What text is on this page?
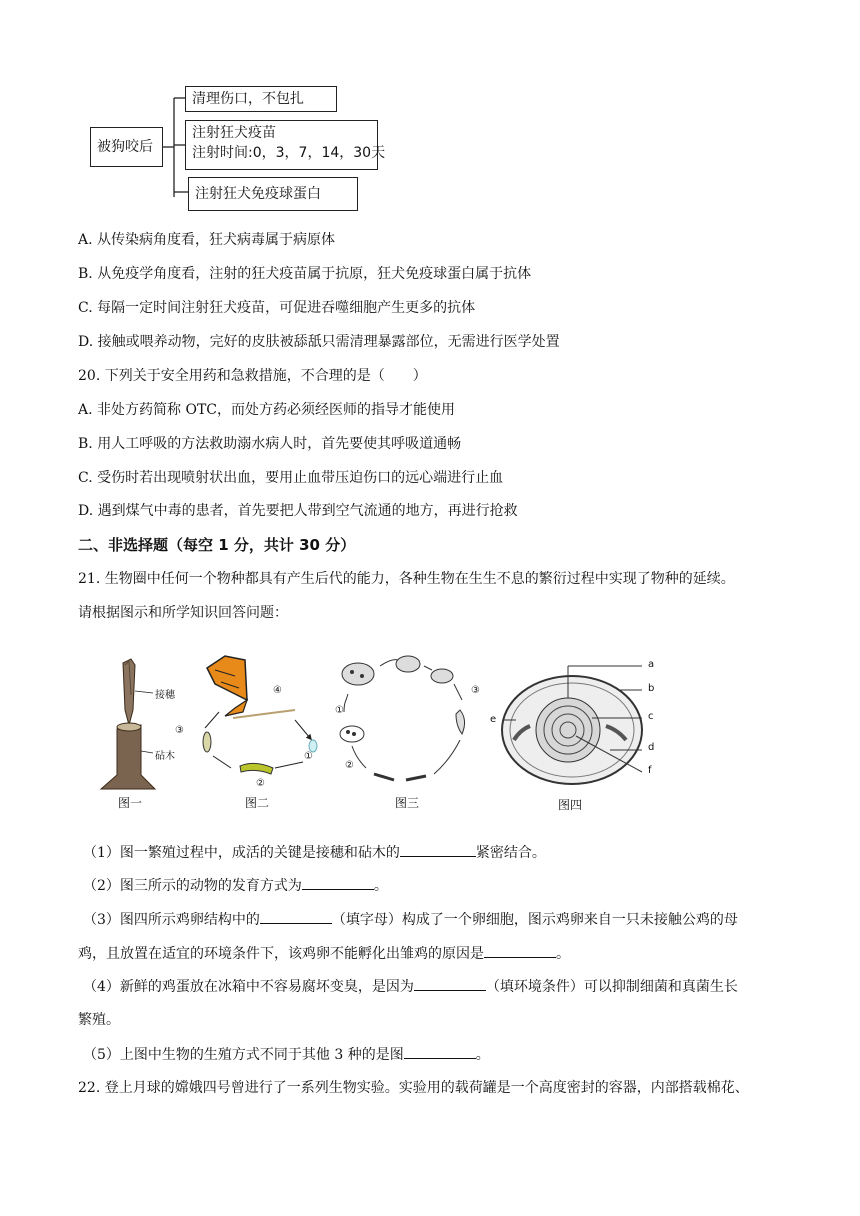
被狗咬后
清理伤口，不包扎
注射狂犬疫苗
注射时间:0，3，7，14，30天
注射狂犬免疫球蛋白
A. 从传染病角度看，狂犬病毒属于病原体
B. 从免疫学角度看，注射的狂犬疫苗属于抗原，狂犬免疫球蛋白属于抗体
C. 每隔一定时间注射狂犬疫苗，可促进吞噬细胞产生更多的抗体
D. 接触或喂养动物，完好的皮肤被舔舐只需清理暴露部位，无需进行医学处置
20. 下列关于安全用药和急救措施，不合理的是（　　）
A. 非处方药简称 OTC，而处方药必须经医师的指导才能使用
B. 用人工呼吸的方法救助溺水病人时，首先要使其呼吸道通畅
C. 受伤时若出现喷射状出血，要用止血带压迫伤口的远心端进行止血
D. 遇到煤气中毒的患者，首先要把人带到空气流通的地方，再进行抢救
二、非选择题（每空 1 分，共计 30 分）
21. 生物圈中任何一个物种都具有产生后代的能力，各种生物在生生不息的繁衍过程中实现了物种的延续。
请根据图示和所学知识回答问题：
接穗
砧木
④
①
②
③
①
②
③
a
b
c
d
e
f
图一	图二	图三	图四
（1）图一繁殖过程中，成活的关键是接穗和砧木的	紧密结合。
（2）图三所示的动物的发育方式为	。
（3）图四所示鸡卵结构中的	（填字母）构成了一个卵细胞，图示鸡卵来自一只未接触公鸡的母
鸡，且放置在适宜的环境条件下，该鸡卵不能孵化出雏鸡的原因是	。
（4）新鲜的鸡蛋放在冰箱中不容易腐坏变臭，是因为	（填环境条件）可以抑制细菌和真菌生长
繁殖。
（5）上图中生物的生殖方式不同于其他 3 种的是图	。
22. 登上月球的嫦娥四号曾进行了一系列生物实验。实验用的载荷罐是一个高度密封的容器，内部搭载棉花、
